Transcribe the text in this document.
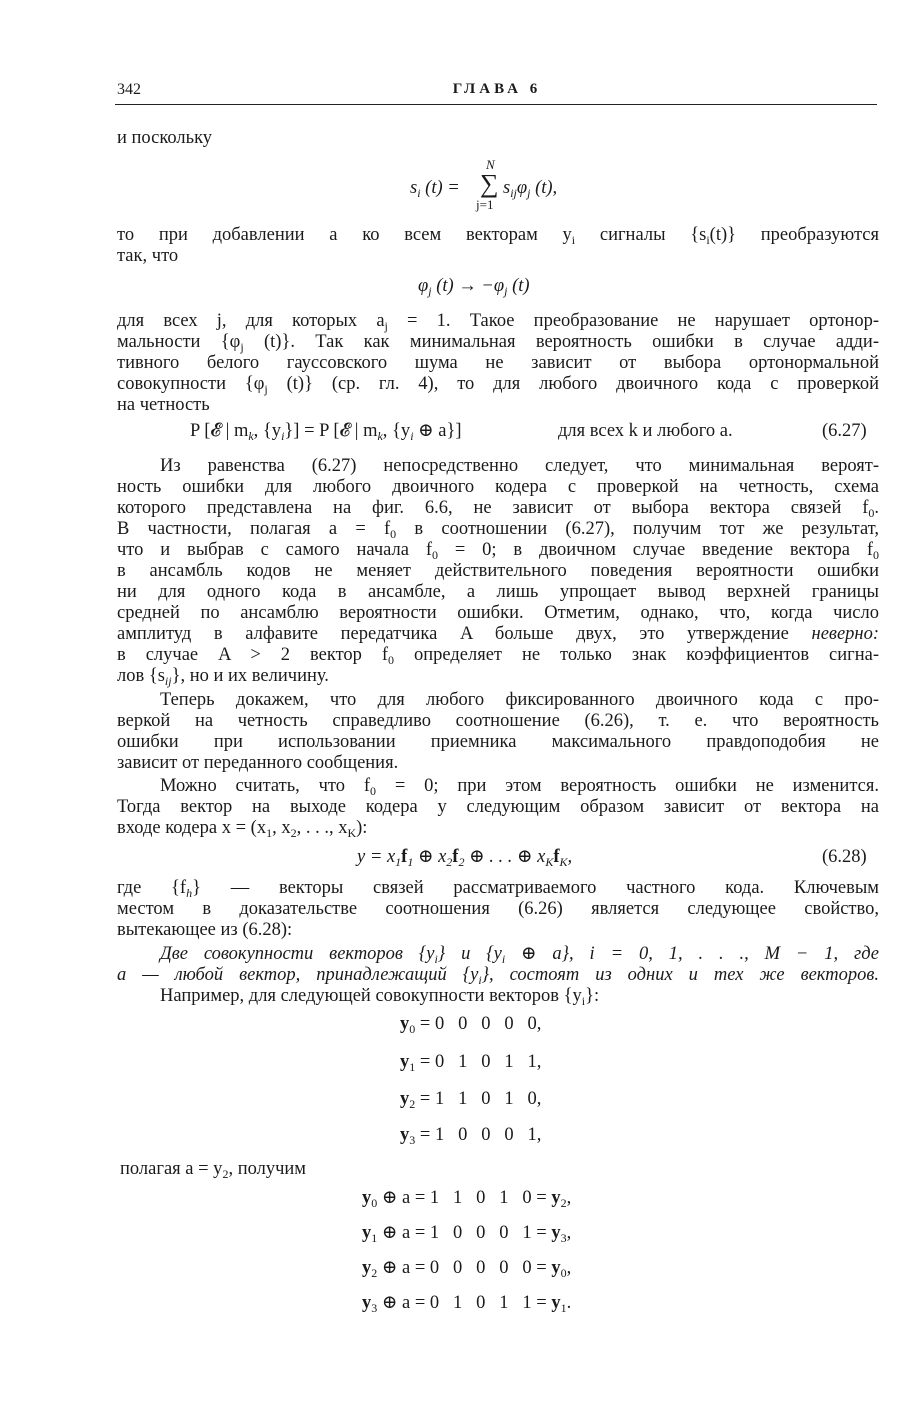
342	ГЛАВА 6
и поскольку
N
$s_i$ (t) = ∑ $s_{ij}\varphi_j$ (t),
j=1
то при добавлении a ко всем векторам $y_i$ сигналы $\{s_i(t)\}$ преобразуются
так, что
$\varphi_j$ $(t) \to -\varphi_j$ (t)
для всех j, для которых $a_j = 1$. Такое преобразование не нарушает ортонор-
мальности {$\varphi_j$ (t)}. Так как минимальная вероятность ошибки в случае адди-
тивного белого гауссовского шума не зависит от выбора ортонормальной
совокупности {$\varphi_j$ (t)} (ср. гл. 4), то для любого двоичного кода с проверкой
на четность
P [𝓔 | $m_k$, $\{y_i\}] = P$ [𝓔 | $m_k$, {$y_i$ ⊕ a}]	для всех k и любого a.	(6.27)
Из равенства (6.27) непосредственно следует, что минимальная вероят-
ность ошибки для любого двоичного кодера с проверкой на четность, схема
которого представлена на фиг. 6.6, не зависит от выбора вектора связей $f_0$.
В частности, полагая $a = f_0$ в соотношении (6.27), получим тот же результат,
что и выбрав с самого начала $f_0 = 0$; в двоичном случае введение вектора $f_0$
в ансамбль кодов не меняет действительного поведения вероятности ошибки
ни для одного кода в ансамбле, а лишь упрощает вывод верхней границы
средней по ансамблю вероятности ошибки. Отметим, однако, что, когда число
амплитуд в алфавите передатчика A больше двух, это утверждение неверно:
в случае A > 2 вектор $f_0$ определяет не только знак коэффициентов сигна-
лов $\{s_{ij}\}$, но и их величину.
Теперь докажем, что для любого фиксированного двоичного кода с про-
веркой на четность справедливо соотношение (6.26), т. е. что вероятность
ошибки при использовании приемника максимального правдоподобия не
зависит от переданного сообщения.
Можно считать, что $f_0 = 0$; при этом вероятность ошибки не изменится.
Тогда вектор на выходе кодера y следующим образом зависит от вектора на
входе кодера $x = (x_1$, $x_2$, . . ., $x_K$):
$y = x_1f_1$ ⊕ $x_2f_2$ ⊕ . . . ⊕ $x_Kf_K$,	(6.28)
где $\{f_h\}$ — векторы связей рассматриваемого частного кода. Ключевым
местом в доказательстве соотношения (6.26) является следующее свойство,
вытекающее из (6.28):
Две совокупности векторов $\{y_i\}$ и {$y_i$ ⊕ a}, i = 0, 1, . . ., M − 1, где
a — любой вектор, принадлежащий $\{y_i\}$, состоят из одних и тех же векторов.
Например, для следующей совокупности векторов $\{y_i\}$:
$y_0 = 0$   0   0   0   0,
$y_1 = 0$   1   0   1   1,
$y_2 = 1$   1   0   1   0,
$y_3 = 1$   0   0   0   1,
полагая $a = y_2$, получим
$y_0$ ⊕ a = 1   1   0   1   $0 = y_2$,
$y_1$ ⊕ a = 1   0   0   0   $1 = y_3$,
$y_2$ ⊕ a = 0   0   0   0   $0 = y_0$,
$y_3$ ⊕ a = 0   1   0   1   $1 = y_1$.
